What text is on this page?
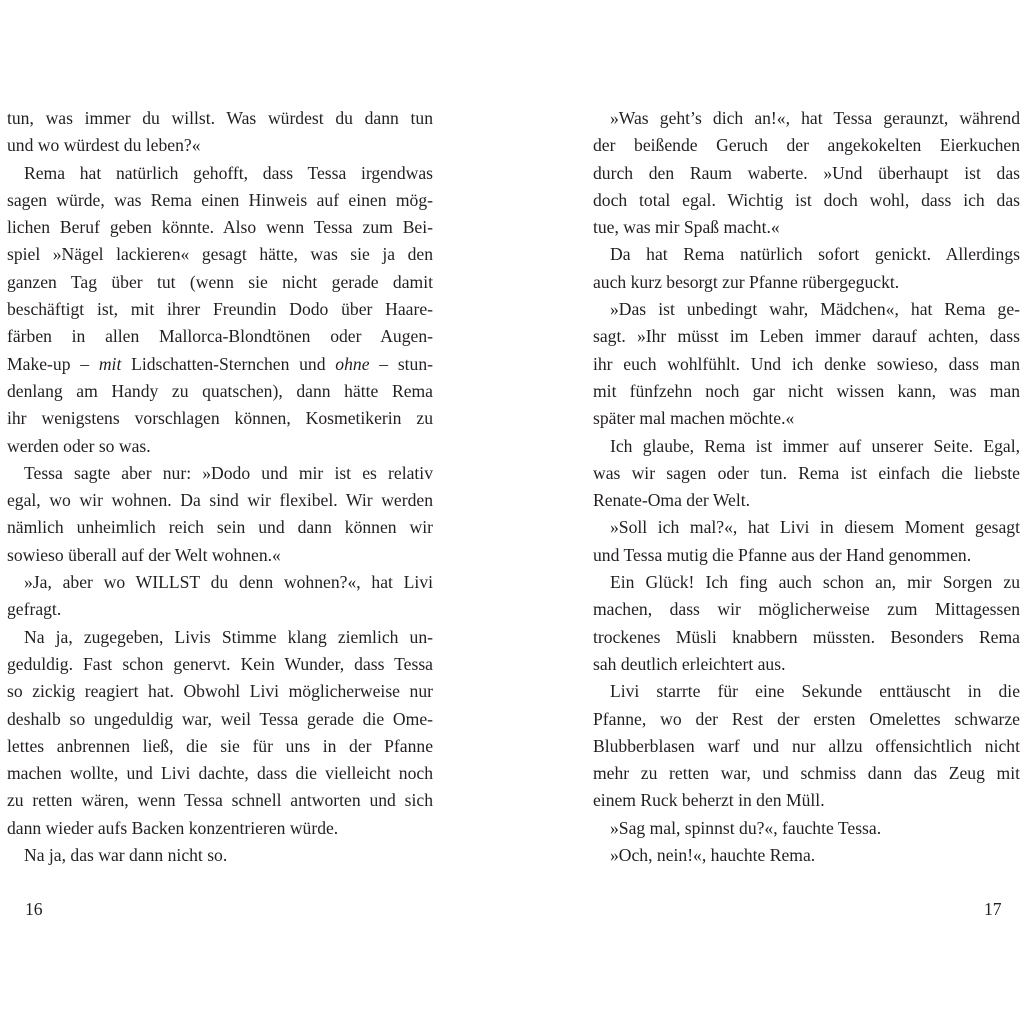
tun, was immer du willst. Was würdest du dann tun
und wo würdest du leben?«
Rema hat natürlich gehofft, dass Tessa irgendwas
sagen würde, was Rema einen Hinweis auf einen mög-
lichen Beruf geben könnte. Also wenn Tessa zum Bei-
spiel »Nägel lackieren« gesagt hätte, was sie ja den
ganzen Tag über tut (wenn sie nicht gerade damit
beschäftigt ist, mit ihrer Freundin Dodo über Haare-
färben in allen Mallorca-Blondtönen oder Augen-
Make-up – mit Lidschatten-Sternchen und ohne – stun-
denlang am Handy zu quatschen), dann hätte Rema
ihr wenigstens vorschlagen können, Kosmetikerin zu
werden oder so was.
Tessa sagte aber nur: »Dodo und mir ist es relativ
egal, wo wir wohnen. Da sind wir flexibel. Wir werden
nämlich unheimlich reich sein und dann können wir
sowieso überall auf der Welt wohnen.«
»Ja, aber wo WILLST du denn wohnen?«, hat Livi
gefragt.
Na ja, zugegeben, Livis Stimme klang ziemlich un-
geduldig. Fast schon genervt. Kein Wunder, dass Tessa
so zickig reagiert hat. Obwohl Livi möglicherweise nur
deshalb so ungeduldig war, weil Tessa gerade die Ome-
lettes anbrennen ließ, die sie für uns in der Pfanne
machen wollte, und Livi dachte, dass die vielleicht noch
zu retten wären, wenn Tessa schnell antworten und sich
dann wieder aufs Backen konzentrieren würde.
Na ja, das war dann nicht so.
»Was geht’s dich an!«, hat Tessa geraunzt, während
der beißende Geruch der angekokelten Eierkuchen
durch den Raum waberte. »Und überhaupt ist das
doch total egal. Wichtig ist doch wohl, dass ich das
tue, was mir Spaß macht.«
Da hat Rema natürlich sofort genickt. Allerdings
auch kurz besorgt zur Pfanne rübergeguckt.
»Das ist unbedingt wahr, Mädchen«, hat Rema ge-
sagt. »Ihr müsst im Leben immer darauf achten, dass
ihr euch wohlfühlt. Und ich denke sowieso, dass man
mit fünfzehn noch gar nicht wissen kann, was man
später mal machen möchte.«
Ich glaube, Rema ist immer auf unserer Seite. Egal,
was wir sagen oder tun. Rema ist einfach die liebste
Renate-Oma der Welt.
»Soll ich mal?«, hat Livi in diesem Moment gesagt
und Tessa mutig die Pfanne aus der Hand genommen.
Ein Glück! Ich fing auch schon an, mir Sorgen zu
machen, dass wir möglicherweise zum Mittagessen
trockenes Müsli knabbern müssten. Besonders Rema
sah deutlich erleichtert aus.
Livi starrte für eine Sekunde enttäuscht in die
Pfanne, wo der Rest der ersten Omelettes schwarze
Blubberblasen warf und nur allzu offensichtlich nicht
mehr zu retten war, und schmiss dann das Zeug mit
einem Ruck beherzt in den Müll.
»Sag mal, spinnst du?«, fauchte Tessa.
»Och, nein!«, hauchte Rema.
16	17
